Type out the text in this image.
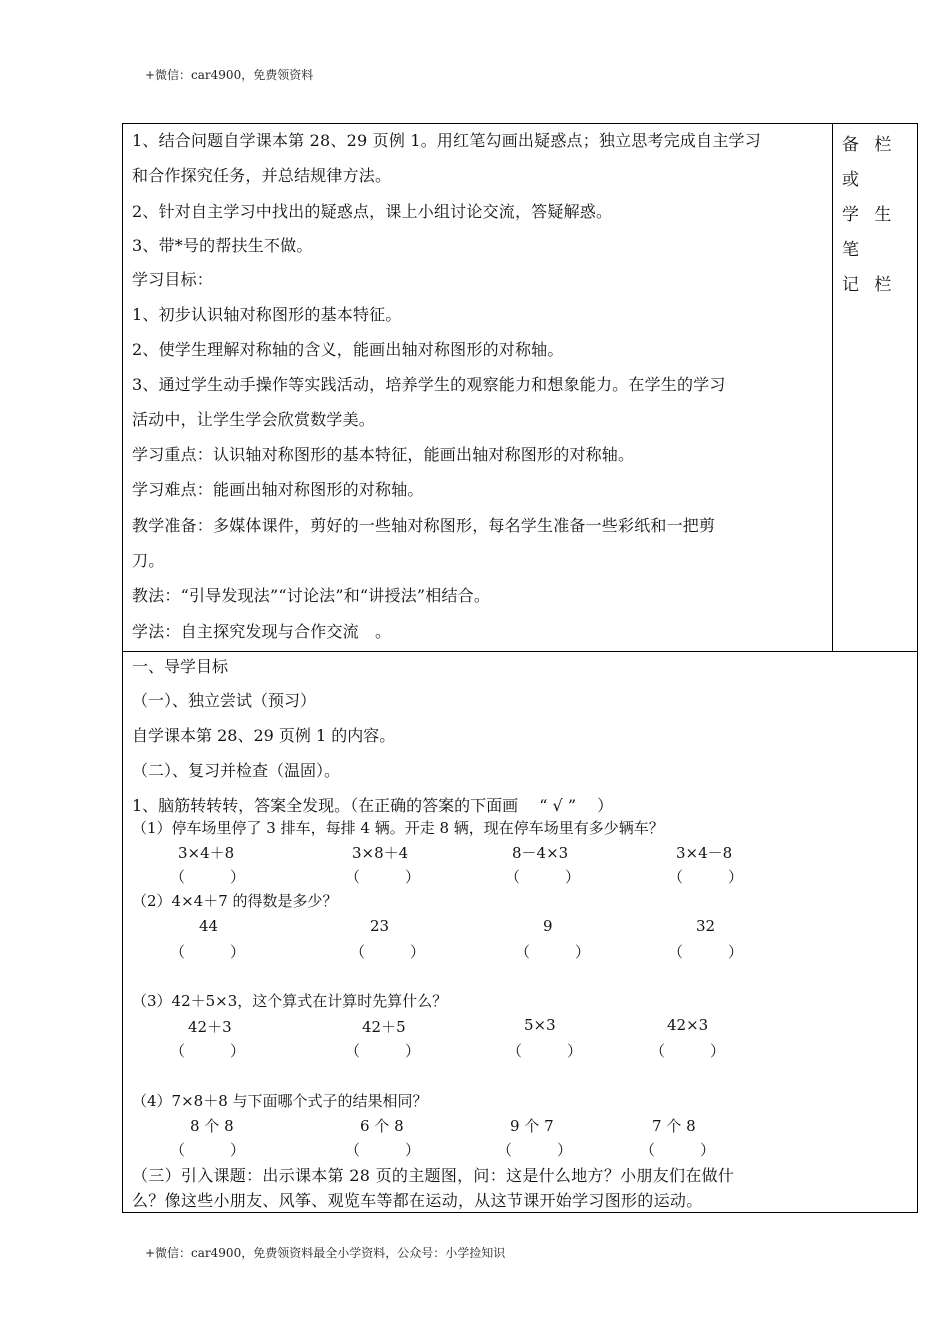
+微信：car4900，免费领资料
备 栏 或
学 生 笔
记 栏
1、结合问题自学课本第 28、29 页例 1。用红笔勾画出疑惑点；独立思考完成自主学习
和合作探究任务，并总结规律方法。
2、针对自主学习中找出的疑惑点，课上小组讨论交流，答疑解惑。
3、带*号的帮扶生不做。
学习目标：
1、初步认识轴对称图形的基本特征。
2、使学生理解对称轴的含义，能画出轴对称图形的对称轴。
3、通过学生动手操作等实践活动，培养学生的观察能力和想象能力。在学生的学习
活动中，让学生学会欣赏数学美。
学习重点：认识轴对称图形的基本特征，能画出轴对称图形的对称轴。
学习难点：能画出轴对称图形的对称轴。
教学准备：多媒体课件，剪好的一些轴对称图形，每名学生准备一些彩纸和一把剪
刀。
教法：“引导发现法”“讨论法”和“讲授法”相结合。
学法：自主探究发现与合作交流　。
一、导学目标
（一）、独立尝试（预习）
自学课本第 28、29 页例 1 的内容。
（二）、复习并检查（温固）。
1、脑筋转转转，答案全发现。（在正确的答案的下面画　 “ √ ”　 ）
（1）停车场里停了 3 排车，每排 4 辆。开走 8 辆，现在停车场里有多少辆车？
3×4＋8	3×8＋4	8－4×3	3×4－8
（　　　）	（　　　）	（　　　）	（　　　）
（2）4×4＋7 的得数是多少？
44	23	9	32
（　　　）	（　　　）	（　　　）	（　　　）
（3）42＋5×3，这个算式在计算时先算什么？
42＋3	42＋5	5×3	42×3
（　　　）	（　　　）	（　　　）	（　　　）
（4）7×8＋8 与下面哪个式子的结果相同？
8 个 8	6 个 8	9 个 7	7 个 8
（　　　）	（　　　）	（　　　）	（　　　）
（三）引入课题：出示课本第 28 页的主题图，问：这是什么地方？小朋友们在做什
么？像这些小朋友、风筝、观览车等都在运动，从这节课开始学习图形的运动。
+微信：car4900，免费领资料最全小学资料，公众号：小学捡知识
